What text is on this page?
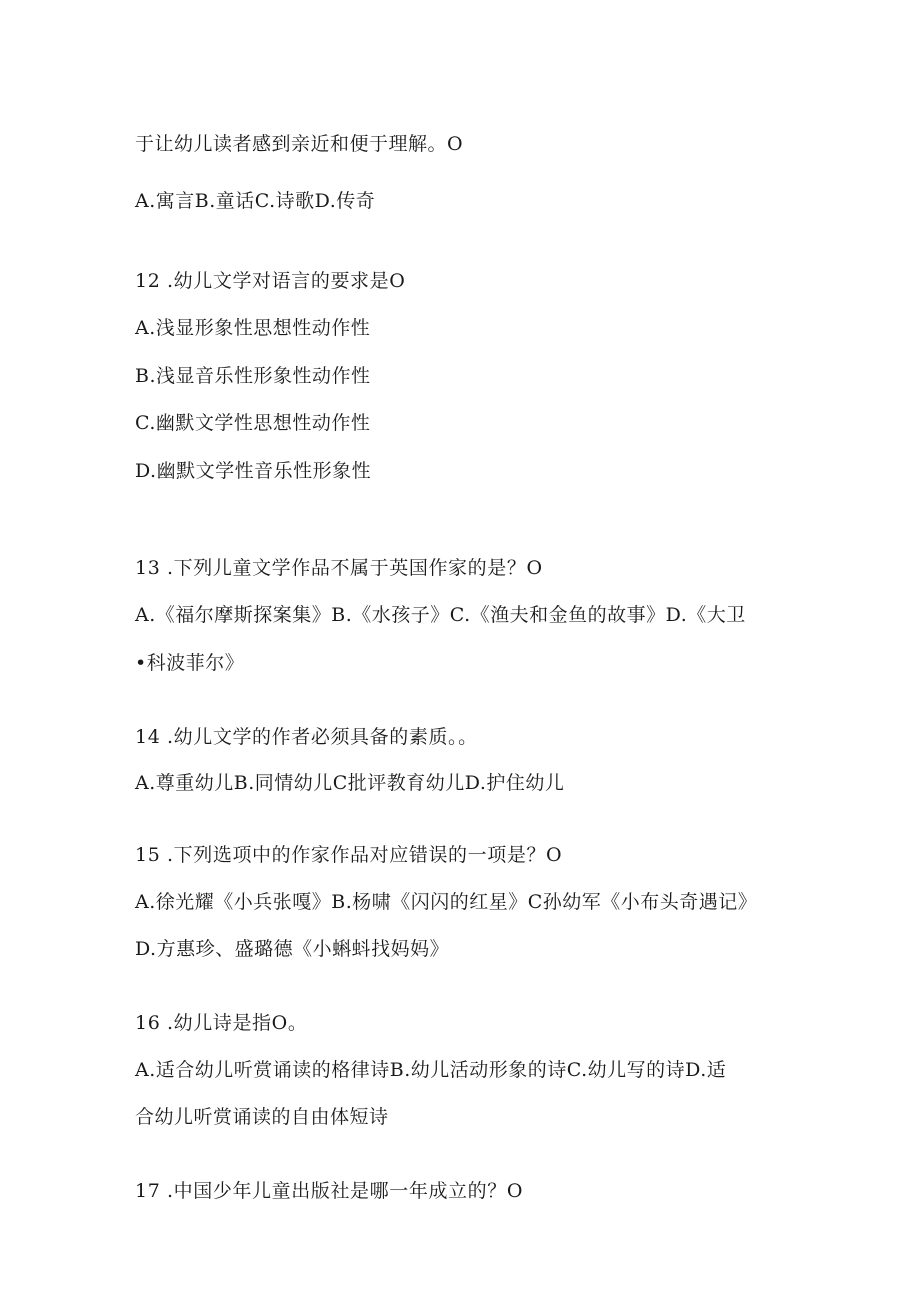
于让幼儿读者感到亲近和便于理解。O
A.寓言B.童话C.诗歌D.传奇
12 .幼儿文学对语言的要求是O
A.浅显形象性思想性动作性
B.浅显音乐性形象性动作性
C.幽默文学性思想性动作性
D.幽默文学性音乐性形象性
13 .下列儿童文学作品不属于英国作家的是？O
A.《福尔摩斯探案集》B.《水孩子》C.《渔夫和金鱼的故事》D.《大卫
•科波菲尔》
14 .幼儿文学的作者必须具备的素质。。
A.尊重幼儿B.同情幼儿C批评教育幼儿D.护住幼儿
15 .下列选项中的作家作品对应错误的一项是？O
A.徐光耀《小兵张嘎》B.杨啸《闪闪的红星》C孙幼军《小布头奇遇记》
D.方惠珍、盛璐德《小蝌蚪找妈妈》
16 .幼儿诗是指O。
A.适合幼儿听赏诵读的格律诗B.幼儿活动形象的诗C.幼儿写的诗D.适
合幼儿听赏诵读的自由体短诗
17 .中国少年儿童出版社是哪一年成立的？O
